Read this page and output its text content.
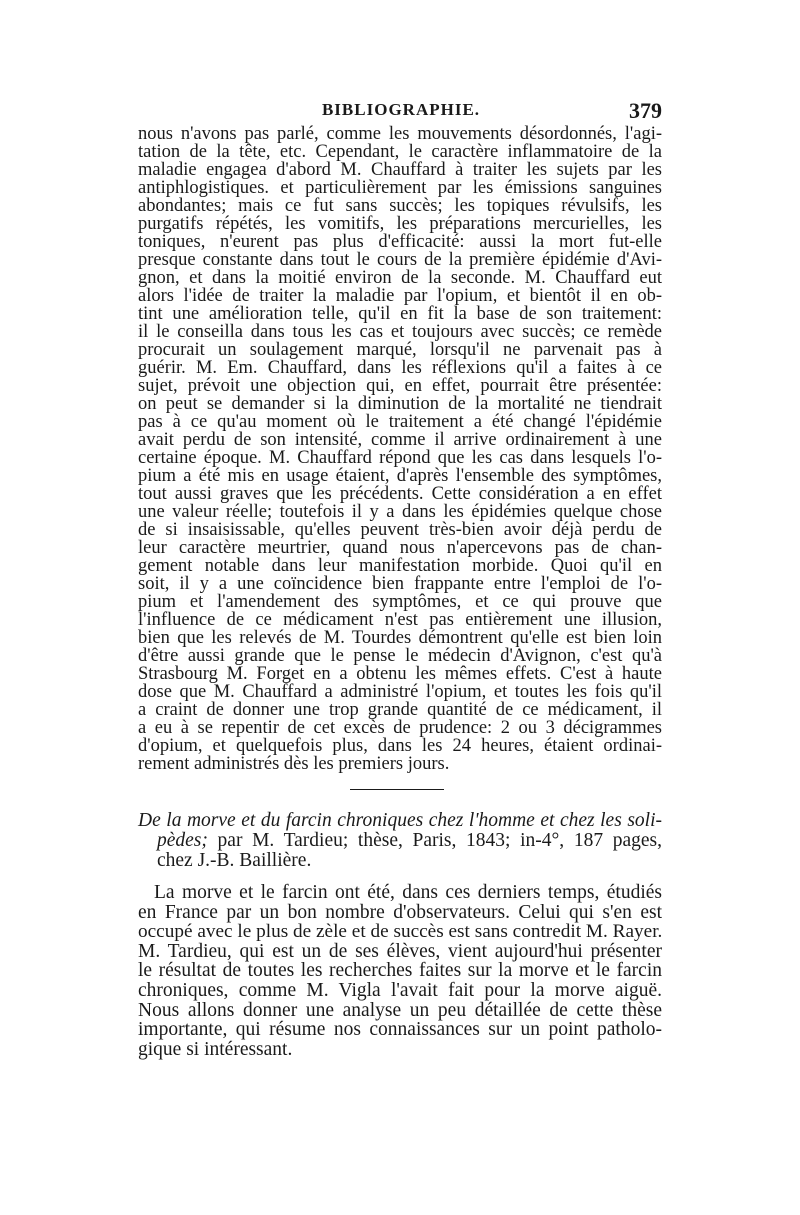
BIBLIOGRAPHIE.	379
nous n'avons pas parlé, comme les mouvements désordonnés, l'agi-
tation de la tête, etc. Cependant, le caractère inflammatoire de la
maladie engagea d'abord M. Chauffard à traiter les sujets par les
antiphlogistiques. et particulièrement par les émissions sanguines
abondantes; mais ce fut sans succès; les topiques révulsifs, les
purgatifs répétés, les vomitifs, les préparations mercurielles, les
toniques, n'eurent pas plus d'efficacité: aussi la mort fut-elle
presque constante dans tout le cours de la première épidémie d'Avi-
gnon, et dans la moitié environ de la seconde. M. Chauffard eut
alors l'idée de traiter la maladie par l'opium, et bientôt il en ob-
tint une amélioration telle, qu'il en fit la base de son traitement:
il le conseilla dans tous les cas et toujours avec succès; ce remède
procurait un soulagement marqué, lorsqu'il ne parvenait pas à
guérir. M. Em. Chauffard, dans les réflexions qu'il a faites à ce
sujet, prévoit une objection qui, en effet, pourrait être présentée:
on peut se demander si la diminution de la mortalité ne tiendrait
pas à ce qu'au moment où le traitement a été changé l'épidémie
avait perdu de son intensité, comme il arrive ordinairement à une
certaine époque. M. Chauffard répond que les cas dans lesquels l'o-
pium a été mis en usage étaient, d'après l'ensemble des symptômes,
tout aussi graves que les précédents. Cette considération a en effet
une valeur réelle; toutefois il y a dans les épidémies quelque chose
de si insaisissable, qu'elles peuvent très-bien avoir déjà perdu de
leur caractère meurtrier, quand nous n'apercevons pas de chan-
gement notable dans leur manifestation morbide. Quoi qu'il en
soit, il y a une coïncidence bien frappante entre l'emploi de l'o-
pium et l'amendement des symptômes, et ce qui prouve que
l'influence de ce médicament n'est pas entièrement une illusion,
bien que les relevés de M. Tourdes démontrent qu'elle est bien loin
d'être aussi grande que le pense le médecin d'Avignon, c'est qu'à
Strasbourg M. Forget en a obtenu les mêmes effets. C'est à haute
dose que M. Chauffard a administré l'opium, et toutes les fois qu'il
a craint de donner une trop grande quantité de ce médicament, il
a eu à se repentir de cet excès de prudence: 2 ou 3 décigrammes
d'opium, et quelquefois plus, dans les 24 heures, étaient ordinai-
rement administrés dès les premiers jours.
De la morve et du farcin chroniques chez l'homme et chez les soli-
pèdes; par M. Tardieu; thèse, Paris, 1843; in-4°, 187 pages,
chez J.-B. Baillière.
La morve et le farcin ont été, dans ces derniers temps, étudiés
en France par un bon nombre d'observateurs. Celui qui s'en est
occupé avec le plus de zèle et de succès est sans contredit M. Rayer.
M. Tardieu, qui est un de ses élèves, vient aujourd'hui présenter
le résultat de toutes les recherches faites sur la morve et le farcin
chroniques, comme M. Vigla l'avait fait pour la morve aiguë.
Nous allons donner une analyse un peu détaillée de cette thèse
importante, qui résume nos connaissances sur un point patholo-
gique si intéressant.
